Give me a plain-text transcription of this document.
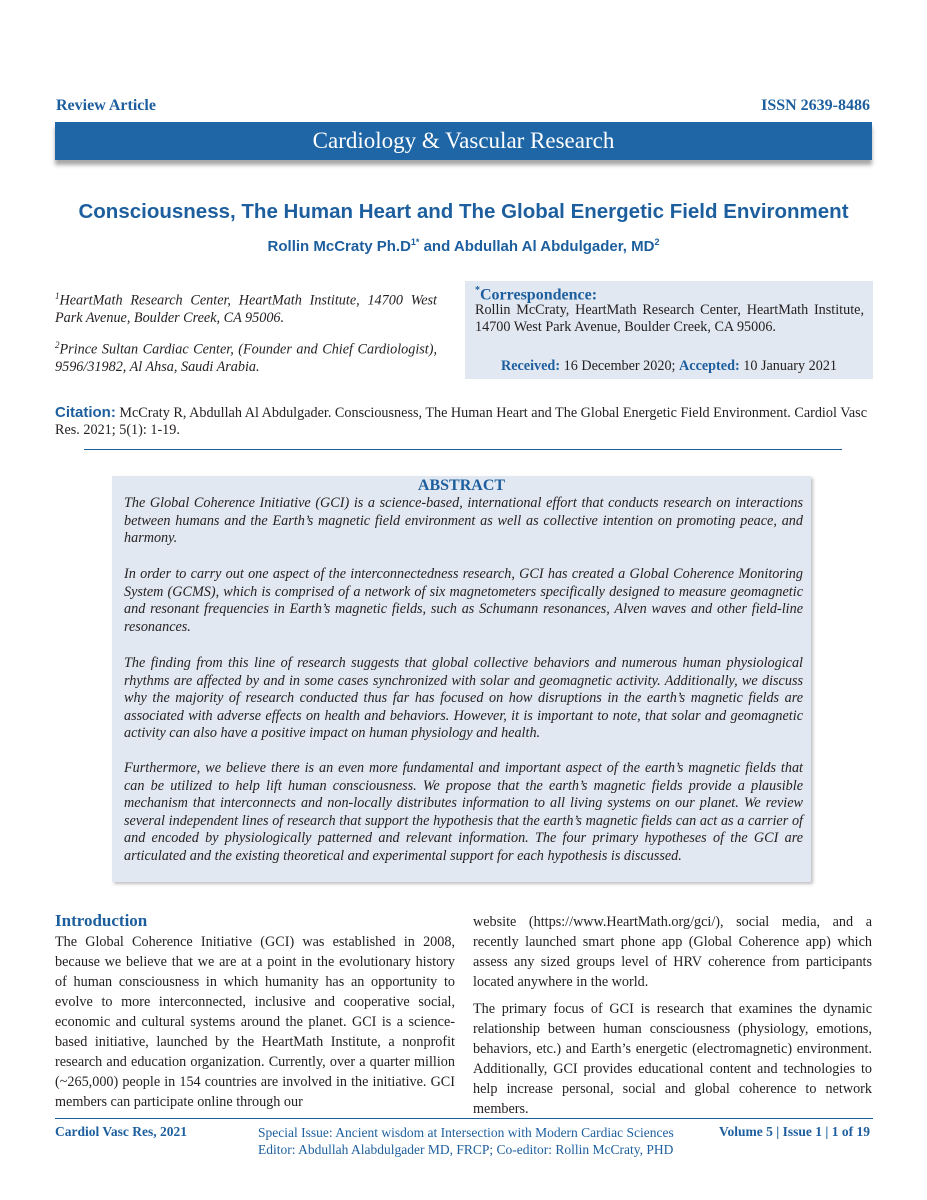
Review Article	ISSN 2639-8486
Cardiology & Vascular Research
Consciousness, The Human Heart and The Global Energetic Field Environment
Rollin McCraty $Ph.D^{1*}$ and Abdullah Al Abdulgader, $MD^2$
$^1$HeartMath Research Center, HeartMath Institute, 14700 West Park Avenue, Boulder Creek, CA 95006.
$^2$Prince Sultan Cardiac Center, (Founder and Chief Cardiologist), 9596/31982, Al Ahsa, Saudi Arabia.
*Correspondence:
Rollin McCraty, HeartMath Research Center, HeartMath Institute, 14700 West Park Avenue, Boulder Creek, CA 95006.
Received: 16 December 2020; Accepted: 10 January 2021
Citation: McCraty R, Abdullah Al Abdulgader. Consciousness, The Human Heart and The Global Energetic Field Environment. Cardiol Vasc Res. 2021; 5(1): 1-19.
ABSTRACT
The Global Coherence Initiative (GCI) is a science-based, international effort that conducts research on interactions between humans and the Earth’s magnetic field environment as well as collective intention on promoting peace, and harmony.
In order to carry out one aspect of the interconnectedness research, GCI has created a Global Coherence Monitoring System (GCMS), which is comprised of a network of six magnetometers specifically designed to measure geomagnetic and resonant frequencies in Earth’s magnetic fields, such as Schumann resonances, Alven waves and other field-line resonances.
The finding from this line of research suggests that global collective behaviors and numerous human physiological rhythms are affected by and in some cases synchronized with solar and geomagnetic activity. Additionally, we discuss why the majority of research conducted thus far has focused on how disruptions in the earth’s magnetic fields are associated with adverse effects on health and behaviors. However, it is important to note, that solar and geomagnetic activity can also have a positive impact on human physiology and health.
Furthermore, we believe there is an even more fundamental and important aspect of the earth’s magnetic fields that can be utilized to help lift human consciousness. We propose that the earth’s magnetic fields provide a plausible mechanism that interconnects and non-locally distributes information to all living systems on our planet. We review several independent lines of research that support the hypothesis that the earth’s magnetic fields can act as a carrier of and encoded by physiologically patterned and relevant information. The four primary hypotheses of the GCI are articulated and the existing theoretical and experimental support for each hypothesis is discussed.
Introduction

The Global Coherence Initiative (GCI) was established in 2008, because we believe that we are at a point in the evolutionary history of human consciousness in which humanity has an opportunity to evolve to more interconnected, inclusive and cooperative social, economic and cultural systems around the planet. GCI is a science-based initiative, launched by the HeartMath Institute, a nonprofit research and education organization. Currently, over a quarter million (~265,000) people in 154 countries are involved in the initiative. GCI members can participate online through our

website (https://www.HeartMath.org/gci/), social media, and a recently launched smart phone app (Global Coherence app) which assess any sized groups level of HRV coherence from participants located anywhere in the world.

The primary focus of GCI is research that examines the dynamic relationship between human consciousness (physiology, emotions, behaviors, etc.) and Earth’s energetic (electromagnetic) environment. Additionally, GCI provides educational content and technologies to help increase personal, social and global coherence to network members.

Cardiol Vasc Res, 2021	Special Issue: Ancient wisdom at Intersection with Modern Cardiac Sciences
Editor: Abdullah Alabdulgader MD, FRCP; Co-editor: Rollin McCraty, PHD
Volume 5 | Issue 1 | 1 of 19
